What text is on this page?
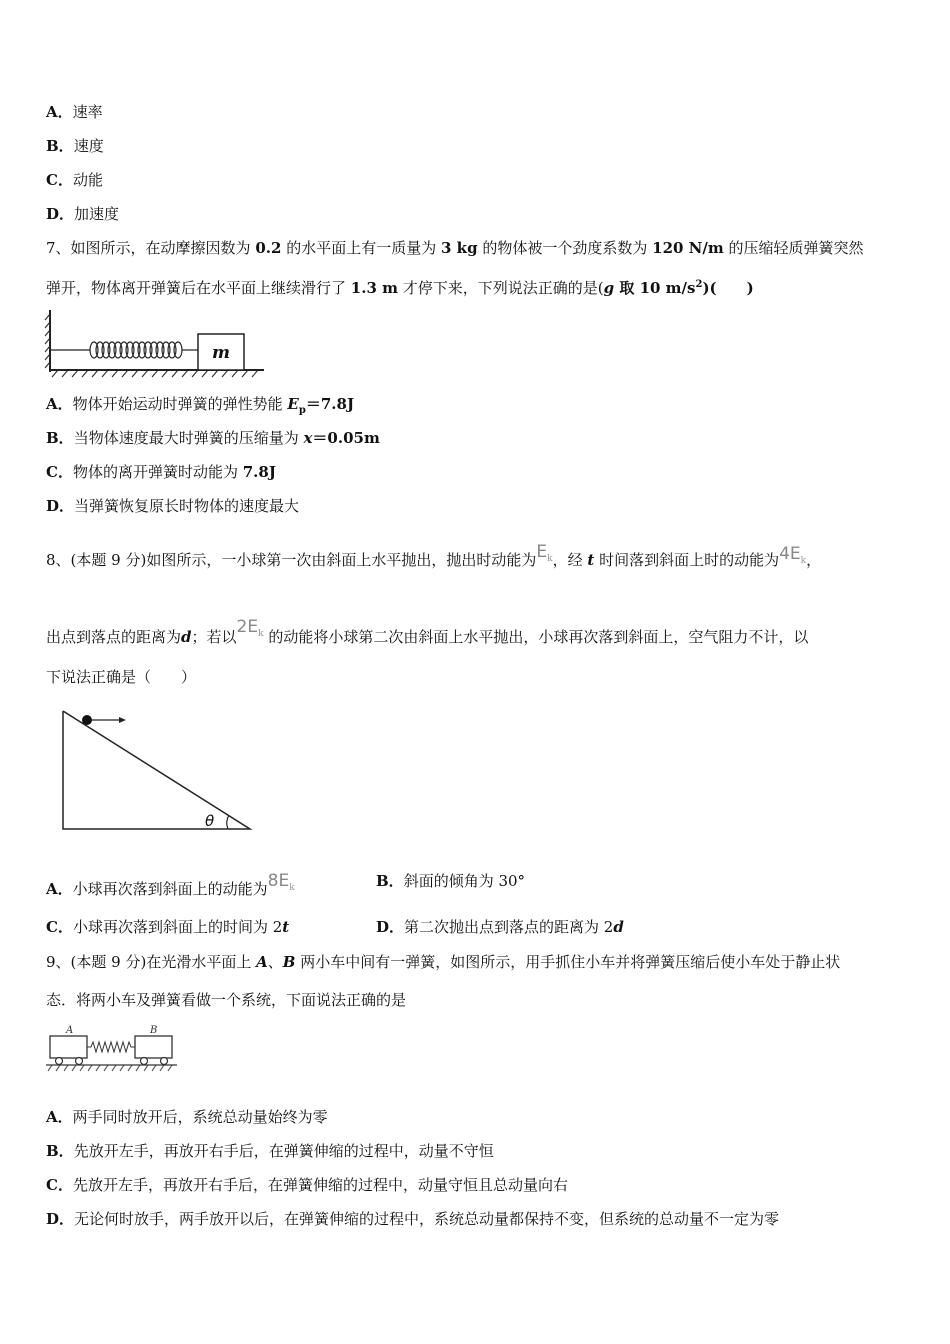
A．速率
B．速度
C．动能
D．加速度
7、如图所示，在动摩擦因数为 0.2 的水平面上有一质量为 3 kg 的物体被一个劲度系数为 120 N/m 的压缩轻质弹簧突然
弹开，物体离开弹簧后在水平面上继续滑行了 1.3 m 才停下来，下列说法正确的是(g 取 10 $m/s^2$)(　　)
m
A．物体开始运动时弹簧的弹性势能 $E_p=7.8J$
B．当物体速度最大时弹簧的压缩量为 x＝0.05m
C．物体的离开弹簧时动能为 7.8J
D．当弹簧恢复原长时物体的速度最大
8、(本题 9 分)如图所示，一小球第一次由斜面上水平抛出，抛出时动能为$E^k$，经 t 时间落到斜面上时的动能为4Ek，
出点到落点的距离为d；若以$2E^k$ 的动能将小球第二次由斜面上水平抛出，小球再次落到斜面上，空气阻力不计，以
下说法正确是（　　）
θ
A．小球再次落到斜面上的动能为$8E^k$	B．斜面的倾角为 30°
C．小球再次落到斜面上的时间为 2t	D．第二次抛出点到落点的距离为 2d
9、(本题 9 分)在光滑水平面上 A、B 两小车中间有一弹簧，如图所示，用手抓住小车并将弹簧压缩后使小车处于静止状
态．将两小车及弹簧看做一个系统，下面说法正确的是
A	B
A．两手同时放开后，系统总动量始终为零
B．先放开左手，再放开右手后，在弹簧伸缩的过程中，动量不守恒
C．先放开左手，再放开右手后，在弹簧伸缩的过程中，动量守恒且总动量向右
D．无论何时放手，两手放开以后，在弹簧伸缩的过程中，系统总动量都保持不变，但系统的总动量不一定为零
